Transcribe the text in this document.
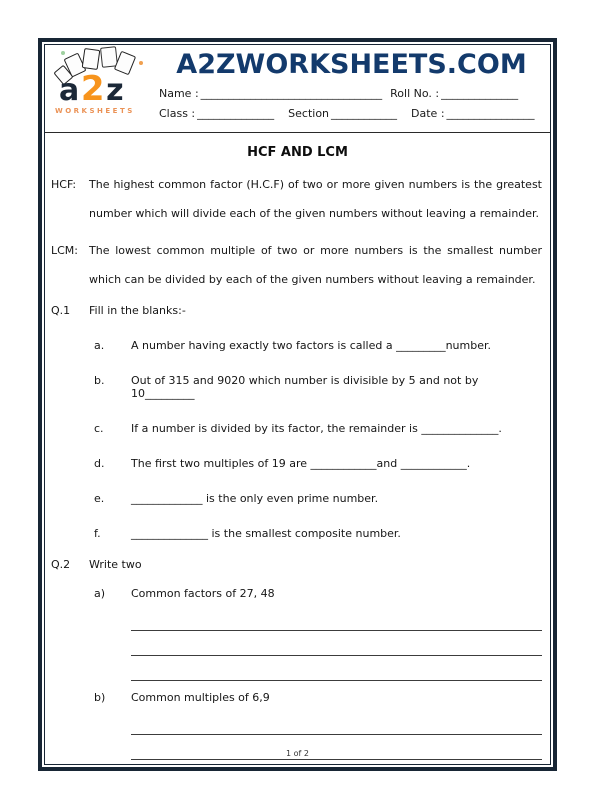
a 2 z
WORKSHEETS
A2ZWORKSHEETS.COM
Name : _________________________________ Roll No. : ______________
Class : ______________ Section ____________ Date : ________________
HCF AND LCM
HCF:	The highest common factor (H.C.F) of two or more given numbers is the greatest number which will divide each of the given numbers without leaving a remainder.
LCM: The lowest common multiple of two or more numbers is the smallest number which can be divided by each of the given numbers without leaving a remainder.
Q.1	Fill in the blanks:-
a.	A number having exactly two factors is called a _________number.
b.	Out of 315 and 9020 which number is divisible by 5 and not by 10_________
c.	If a number is divided by its factor, the remainder is ______________.
d.	The first two multiples of 19 are ____________and ____________.
e.	_____________ is the only even prime number.
f.	______________ is the smallest composite number.
Q.2	Write two
a)	Common factors of 27, 48
b)	Common multiples of 6,9
1 of 2
